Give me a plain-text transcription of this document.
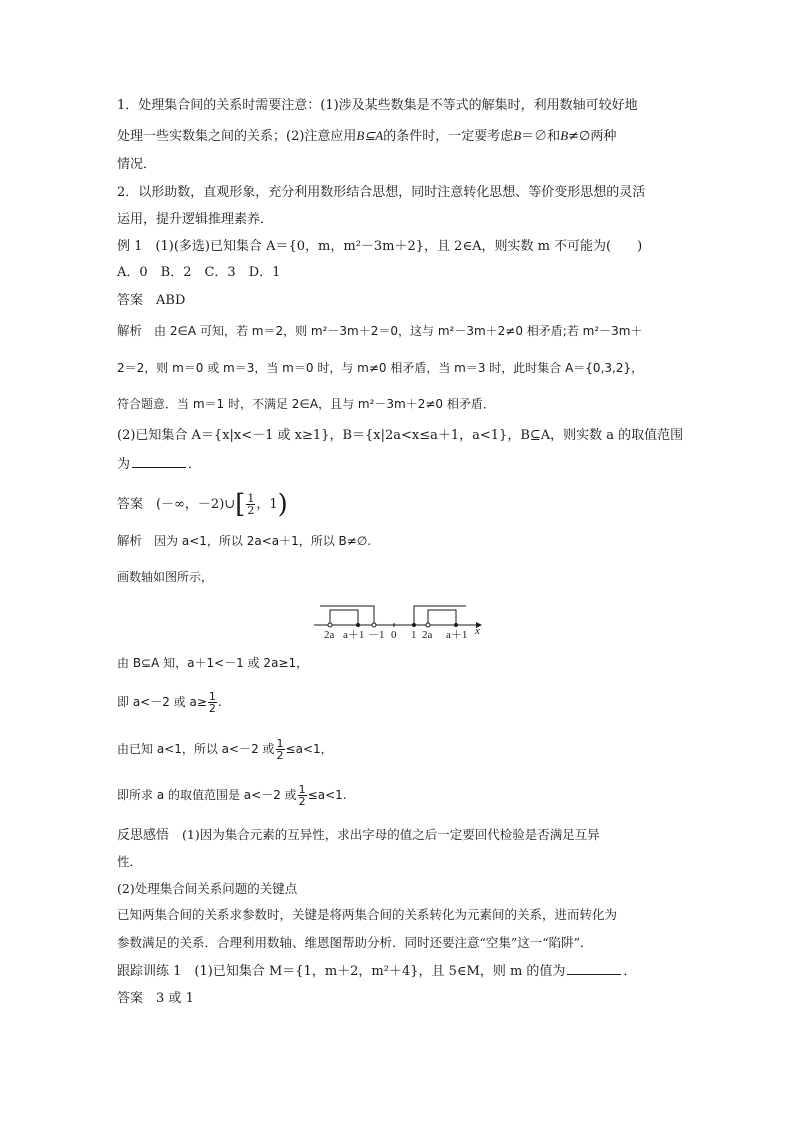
1．处理集合间的关系时需要注意：(1)涉及某些数集是不等式的解集时，利用数轴可较好地
处理一些实数集之间的关系；(2)注意应用B⊆A的条件时，一定要考虑B＝∅和B≠∅两种
情况．
2．以形助数，直观形象，充分利用数形结合思想，同时注意转化思想、等价变形思想的灵活
运用，提升逻辑推理素养．
例 1　(1)(多选)已知集合 A＝{0，m，m²－3m＋2}，且 2∈A，则实数 m 不可能为(　　)
A．0　B．2　C．3　D．1
答案　 ABD
解析　 由 2∈A 可知，若 m＝2，则 m²－3m＋2＝0，这与 m²－3m＋2≠0 相矛盾;若 m²－3m＋
2＝2，则 m＝0 或 m＝3，当 m＝0 时，与 m≠0 相矛盾，当 m＝3 时，此时集合 A＝{0,3,2}，
符合题意．当 m＝1 时，不满足 2∈A，且与 m²－3m＋2≠0 相矛盾．
(2)已知集合 A＝{x|x<－1 或 x≥1}，B＝{x|2a<x≤a＋1，a<1}，B⊆A，则实数 a 的取值范围
为	．
答案　 (－∞，－2)∪[ $\frac{1}{2}$ ，1)
解析　 因为 a<1，所以 2a<a＋1，所以 B≠∅.
画数轴如图所示，
2a a＋1 －1 0 1 2a a＋1 x
由 B⊆A 知，a＋1<－1 或 2a≥1，
即 a<－2 或 $a\ge \frac{1}{2}$ .
由已知 a<1，所以 a<－2 或 $\frac{1}{2} \le a<1$，
即所求 a 的取值范围是 a<－2 或 $\frac{1}{2} \le a<1$.
反思感悟　 (1)因为集合元素的互异性，求出字母的值之后一定要回代检验是否满足互异
性．
(2)处理集合间关系问题的关键点
已知两集合间的关系求参数时，关键是将两集合间的关系转化为元素间的关系，进而转化为
参数满足的关系．合理利用数轴、维恩图帮助分析．同时还要注意“空集”这一“陷阱”．
跟踪训练 1　 (1)已知集合 M＝{1，m＋2，m²＋4}，且 5∈M，则 m 的值为	．
答案　 3 或 1
